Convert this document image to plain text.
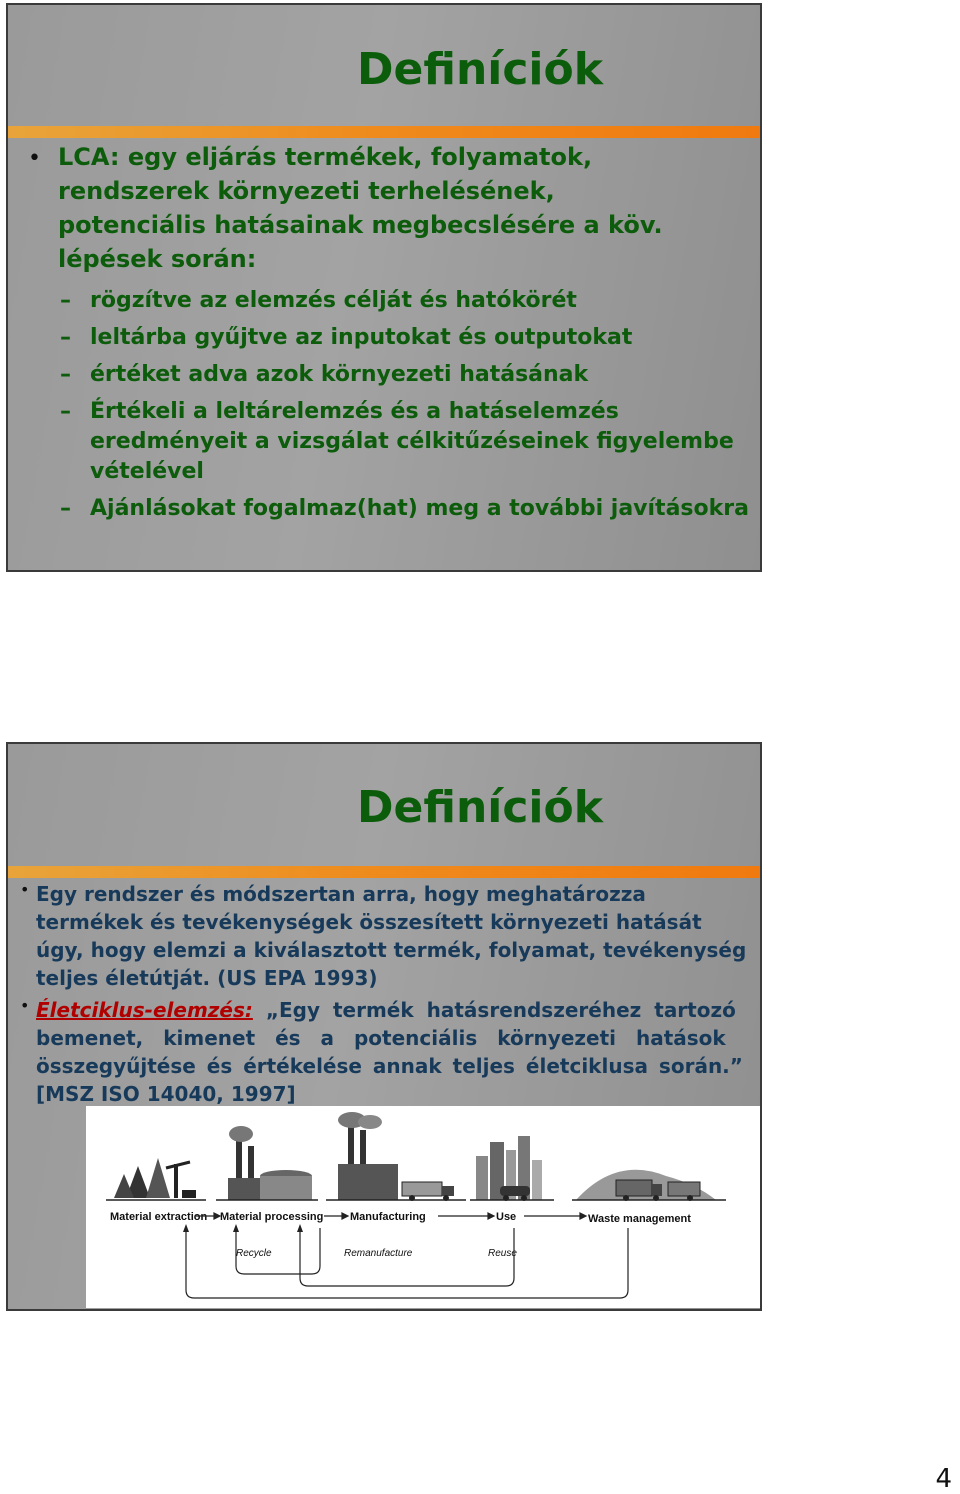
Definíciók
• LCA: egy eljárás termékek, folyamatok,
rendszerek környezeti terhelésének,
potenciális hatásainak megbecslésére a köv.
lépések során:
– rögzítve az elemzés célját és hatókörét
– leltárba gyűjtve az inputokat és outputokat
– értéket adva azok környezeti hatásának
– Értékeli a leltárelemzés és a hatáselemzés
eredményeit a vizsgálat célkitűzéseinek figyelembe
vételével
– Ajánlásokat fogalmaz(hat) meg a további javításokra
Definíciók
• Egy rendszer és módszertan arra, hogy meghatározza
termékek és tevékenységek összesített környezeti hatását
úgy, hogy elemzi a kiválasztott termék, folyamat, tevékenység
teljes életútját. (US EPA 1993)
• Életciklus-elemzés: „Egy termék hatásrendszeréhez tartozó
bemenet, kimenet és a potenciális környezeti hatások
összegyűjtése és értékelése annak teljes életciklusa során.”
[MSZ ISO 14040, 1997]
Material extraction Material processing Manufacturing	Use	Waste management
Recycle	Remanufacture	Reuse
4
